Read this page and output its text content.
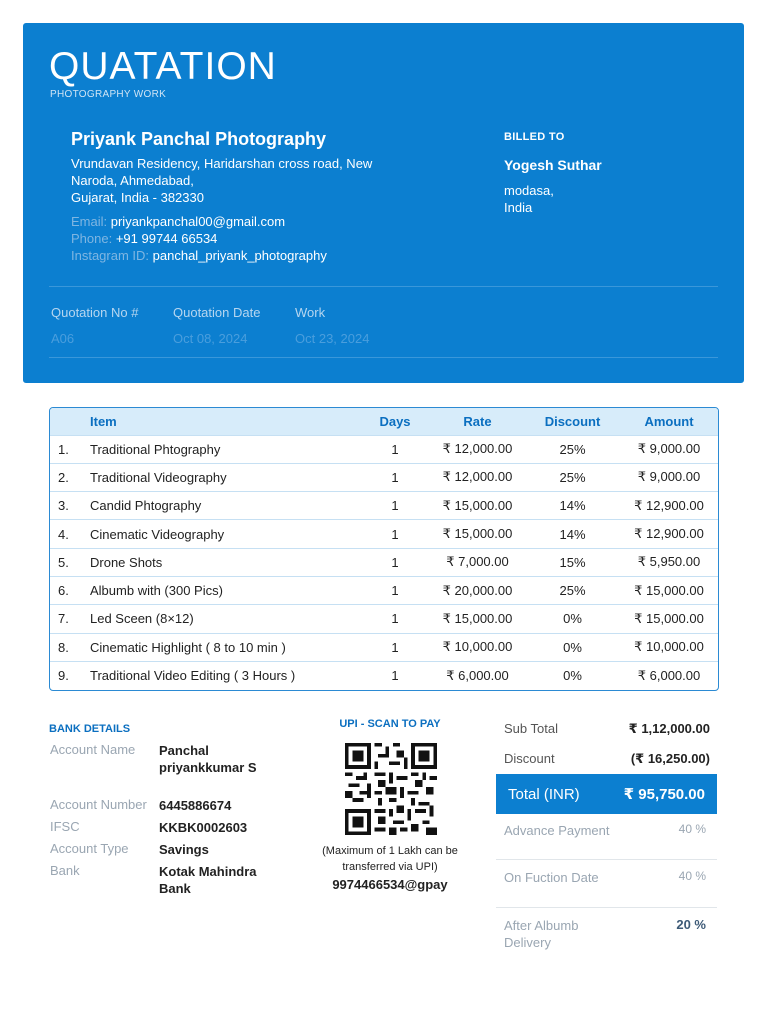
QUATATION
PHOTOGRAPHY WORK
Priyank Panchal Photography
Vrundavan Residency, Haridarshan cross road, New
Naroda, Ahmedabad,
Gujarat, India - 382330
Email: priyankpanchal00@gmail.com
Phone: +91 99744 66534
Instagram ID: panchal_priyank_photography
BILLED TO
Yogesh Suthar
modasa,
India
Quotation No #
A06
Quotation Date
Oct 08, 2024
Work
Oct 23, 2024
	Item	Days	Rate	Discount	Amount
1.	Traditional Phtography	1	₹ 12,000.00	25%	₹ 9,000.00
2.	Traditional Videography	1	₹ 12,000.00	25%	₹ 9,000.00
3.	Candid Phtography	1	₹ 15,000.00	14%	₹ 12,900.00
4.	Cinematic Videography	1	₹ 15,000.00	14%	₹ 12,900.00
5.	Drone Shots	1	₹ 7,000.00	15%	₹ 5,950.00
6.	Albumb with (300 Pics)	1	₹ 20,000.00	25%	₹ 15,000.00
7.	Led Sceen (8×12)	1	₹ 15,000.00	0%	₹ 15,000.00
8.	Cinematic Highlight ( 8 to 10 min )	1	₹ 10,000.00	0%	₹ 10,000.00
9.	Traditional Video Editing ( 3 Hours )	1	₹ 6,000.00	0%	₹ 6,000.00
BANK DETAILS
Account Name Panchal priyankkumar S
Account Number 6445886674
IFSC	KKBK0002603
Account Type Savings
Bank	Kotak Mahindra Bank
UPI - SCAN TO PAY
(Maximum of 1 Lakh can be transferred via UPI)
9974466534@gpay
Sub Total	₹ 1,12,000.00
Discount	(₹ 16,250.00)
Total (INR)	₹ 95,750.00
Advance Payment	40 %
On Fuction Date	40 %
After Albumb Delivery
20 %
